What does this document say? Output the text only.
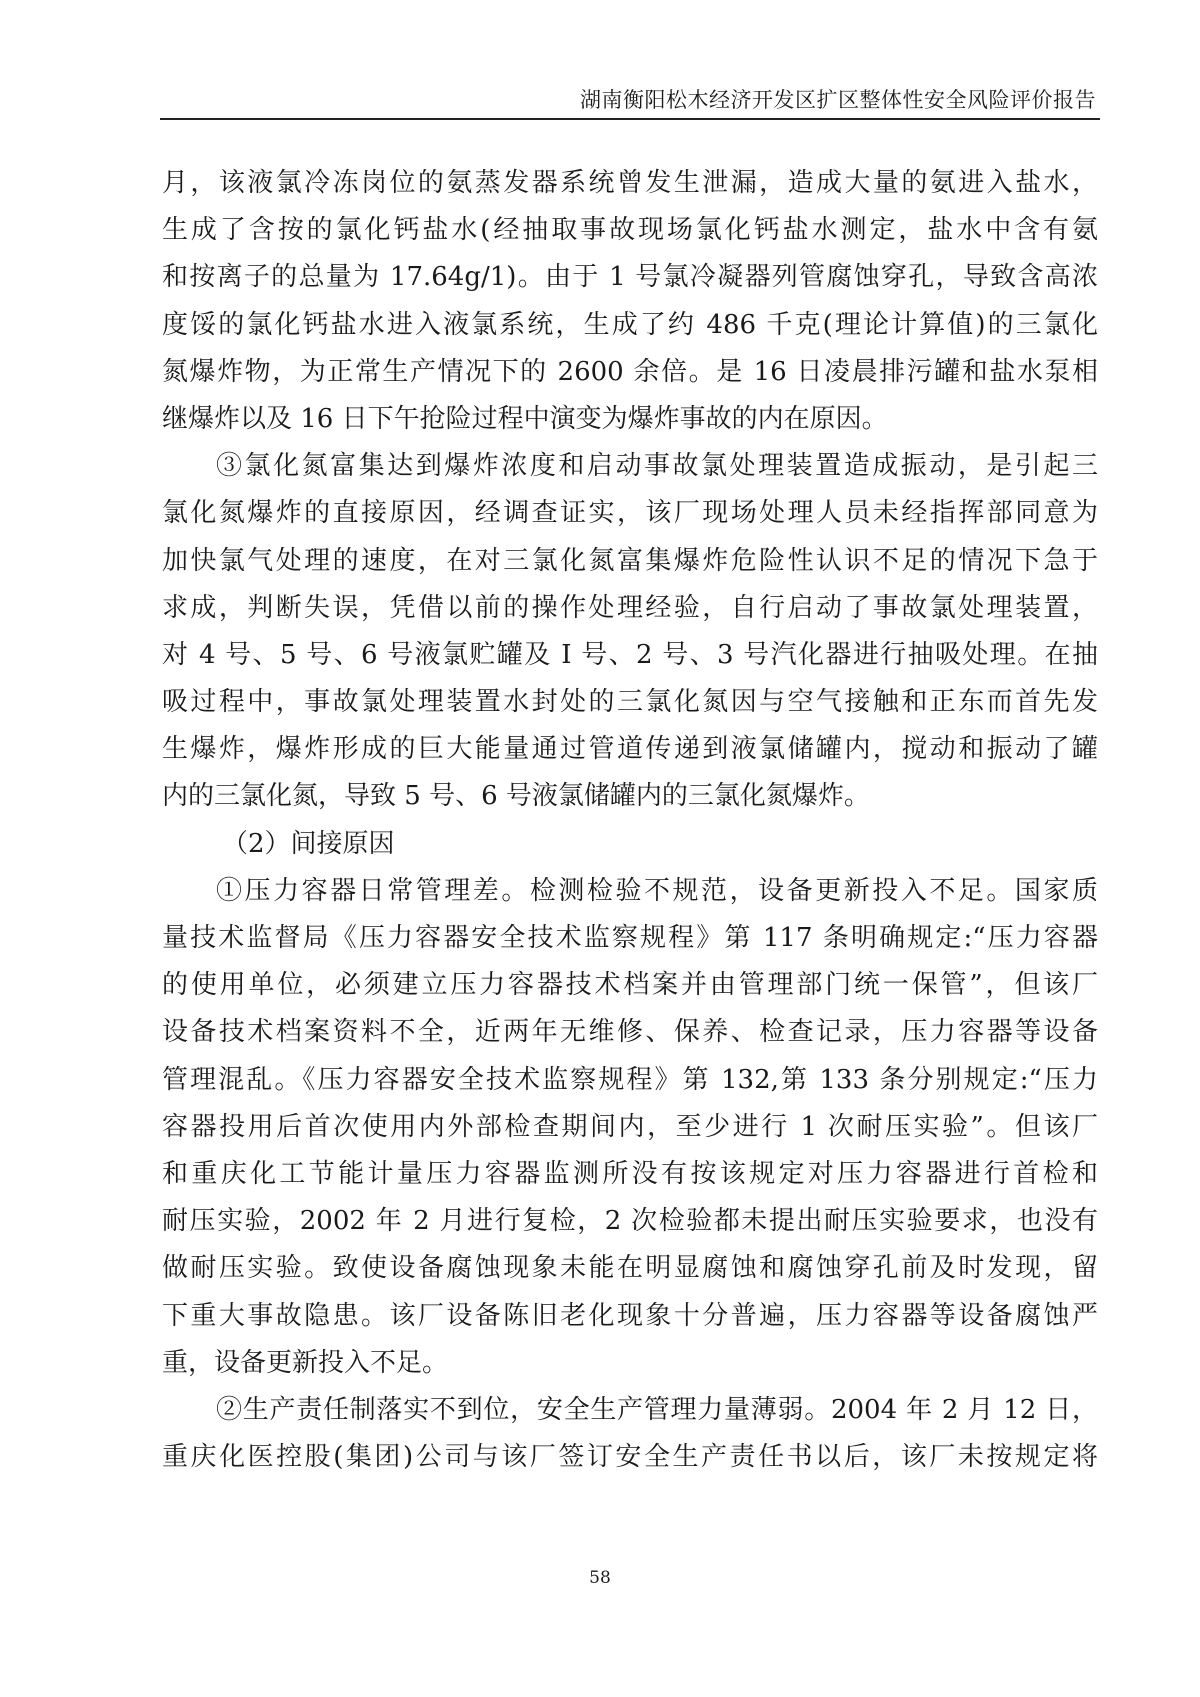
湖南衡阳松木经济开发区扩区整体性安全风险评价报告
月，该液氯冷冻岗位的氨蒸发器系统曾发生泄漏，造成大量的氨进入盐水，
生成了含按的氯化钙盐水(经抽取事故现场氯化钙盐水测定，盐水中含有氨
和按离子的总量为 17.64g/1)。由于 1 号氯冷凝器列管腐蚀穿孔，导致含高浓
度馁的氯化钙盐水进入液氯系统，生成了约 486 千克(理论计算值)的三氯化
氮爆炸物，为正常生产情况下的 2600 余倍。是 16 日凌晨排污罐和盐水泵相
继爆炸以及 16 日下午抢险过程中演变为爆炸事故的内在原因。
③氯化氮富集达到爆炸浓度和启动事故氯处理装置造成振动，是引起三
氯化氮爆炸的直接原因，经调查证实，该厂现场处理人员未经指挥部同意为
加快氯气处理的速度，在对三氯化氮富集爆炸危险性认识不足的情况下急于
求成，判断失误，凭借以前的操作处理经验，自行启动了事故氯处理装置，
对 4 号、5 号、6 号液氯贮罐及 I 号、2 号、3 号汽化器进行抽吸处理。在抽
吸过程中，事故氯处理装置水封处的三氯化氮因与空气接触和正东而首先发
生爆炸，爆炸形成的巨大能量通过管道传递到液氯储罐内，搅动和振动了罐
内的三氯化氮，导致 5 号、6 号液氯储罐内的三氯化氮爆炸。
（2）间接原因
①压力容器日常管理差。检测检验不规范，设备更新投入不足。国家质
量技术监督局《压力容器安全技术监察规程》第 117 条明确规定:“压力容器
的使用单位，必须建立压力容器技术档案并由管理部门统一保管”，但该厂
设备技术档案资料不全，近两年无维修、保养、检查记录，压力容器等设备
管理混乱。《压力容器安全技术监察规程》第 132,第 133 条分别规定:“压力
容器投用后首次使用内外部检查期间内，至少进行 1 次耐压实验”。但该厂
和重庆化工节能计量压力容器监测所没有按该规定对压力容器进行首检和
耐压实验，2002 年 2 月进行复检，2 次检验都未提出耐压实验要求，也没有
做耐压实验。致使设备腐蚀现象未能在明显腐蚀和腐蚀穿孔前及时发现，留
下重大事故隐患。该厂设备陈旧老化现象十分普遍，压力容器等设备腐蚀严
重，设备更新投入不足。
②生产责任制落实不到位，安全生产管理力量薄弱。2004 年 2 月 12 日，
重庆化医控股(集团)公司与该厂签订安全生产责任书以后，该厂未按规定将
58
